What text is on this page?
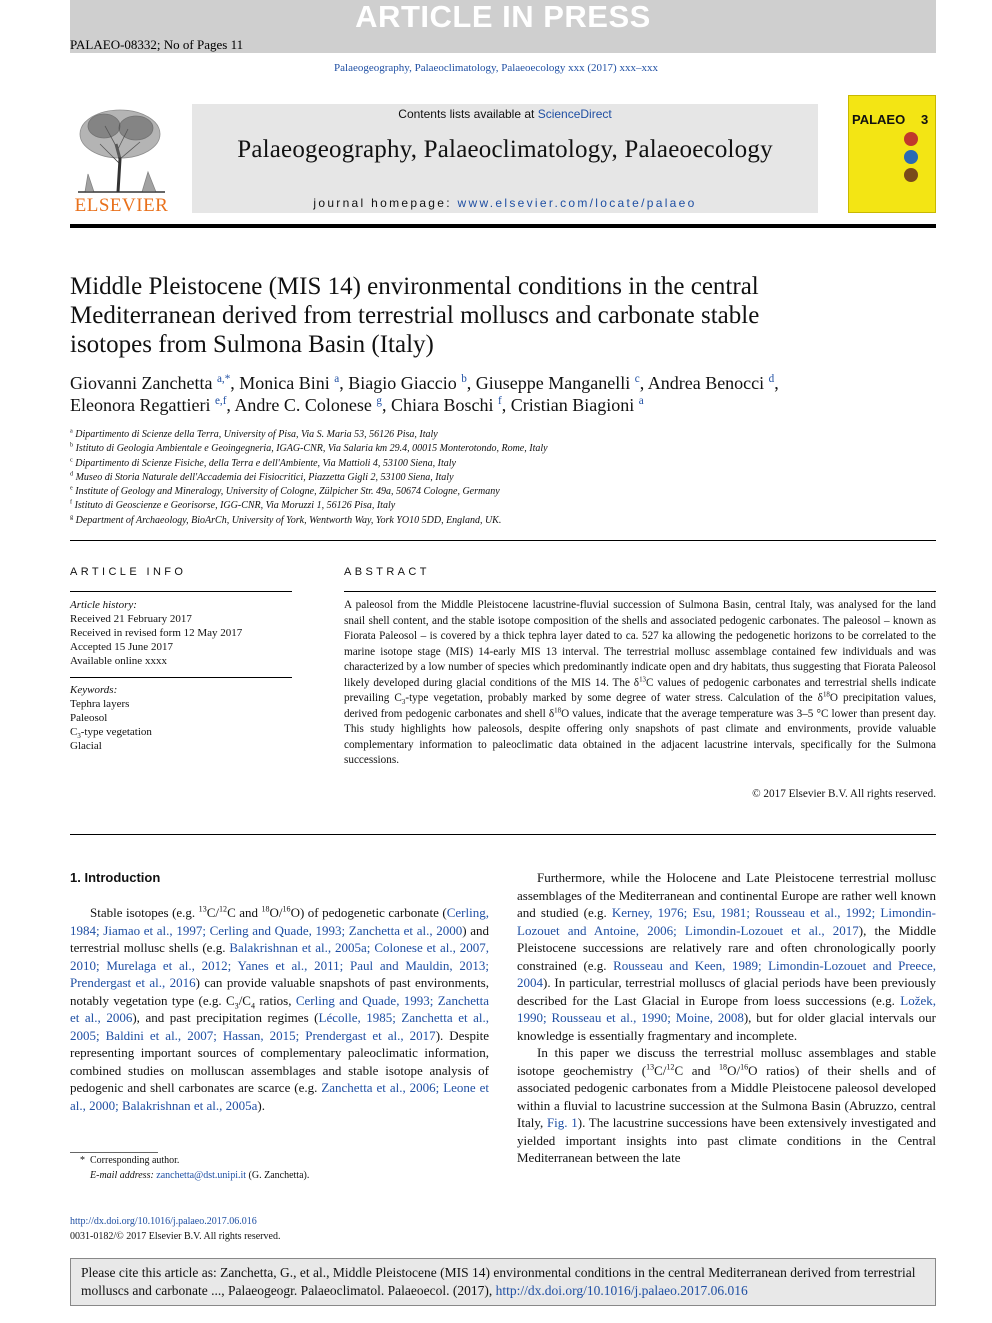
ARTICLE IN PRESS
PALAEO-08332; No of Pages 11
Palaeogeography, Palaeoclimatology, Palaeoecology xxx (2017) xxx–xxx
ELSEVIER
Contents lists available at ScienceDirect
Palaeogeography, Palaeoclimatology, Palaeoecology
journal homepage: www.elsevier.com/locate/palaeo
PALAEO 3
Middle Pleistocene (MIS 14) environmental conditions in the central Mediterranean derived from terrestrial molluscs and carbonate stable isotopes from Sulmona Basin (Italy)
Giovanni Zanchetta $^{a,*}$, Monica Bini $^a$, Biagio Giaccio $^b$, Giuseppe Manganelli $^c$, Andrea Benocci $^d$,
Eleonora Regattieri $^{e,f}$, Andre C. Colonese $^g$, Chiara Boschi $^f$, Cristian Biagioni $^a$
$^a$ Dipartimento di Scienze della Terra, University of Pisa, Via S. Maria 53, 56126 Pisa, Italy
$^b$ Istituto di Geologia Ambientale e Geoingegneria, IGAG-CNR, Via Salaria km 29.4, 00015 Monterotondo, Rome, Italy
$^c$ Dipartimento di Scienze Fisiche, della Terra e dell'Ambiente, Via Mattioli 4, 53100 Siena, Italy
$^d$ Museo di Storia Naturale dell'Accademia dei Fisiocritici, Piazzetta Gigli 2, 53100 Siena, Italy
$^e$ Institute of Geology and Mineralogy, University of Cologne, Zülpicher Str. 49a, 50674 Cologne, Germany
$^f$ Istituto di Geoscienze e Georisorse, IGG-CNR, Via Moruzzi 1, 56126 Pisa, Italy
$^g$ Department of Archaeology, BioArCh, University of York, Wentworth Way, York YO10 5DD, England, UK.
ARTICLE INFO
Article history:
Received 21 February 2017
Received in revised form 12 May 2017
Accepted 15 June 2017
Available online xxxx
Keywords:
Tephra layers
Paleosol
$C_3$-type vegetation
Glacial
ABSTRACT
A paleosol from the Middle Pleistocene lacustrine-fluvial succession of Sulmona Basin, central Italy, was analysed for the land snail shell content, and the stable isotope composition of the shells and associated pedogenic carbonates. The paleosol – known as Fiorata Paleosol – is covered by a thick tephra layer dated to ca. 527 ka allowing the pedogenetic horizons to be correlated to the marine isotope stage (MIS) 14-early MIS 13 interval. The terrestrial mollusc assemblage contained few individuals and was characterized by a low number of species which predominantly indicate open and dry habitats, thus suggesting that Fiorata Paleosol likely developed during glacial conditions of the MIS 14. The $\delta^{13}C$ values of pedogenic carbonates and terrestrial shells indicate prevailing $C_3$-type vegetation, probably marked by some degree of water stress. Calculation of the $\delta^{18}O$ precipitation values, derived from pedogenic carbonates and shell $\delta^{18}O$ values, indicate that the average temperature was 3–5 °C lower than present day. This study highlights how paleosols, despite offering only snapshots of past climate and environments, provide valuable complementary information to paleoclimatic data obtained in the adjacent lacustrine intervals, specifically for the Sulmona successions.
© 2017 Elsevier B.V. All rights reserved.
1. Introduction

Stable isotopes (e.g. $^{13}$C/$^{12}$C and $^{18}$O/$^{16}$O) of pedogenetic carbonate (Cerling, 1984; Jiamao et al., 1997; Cerling and Quade, 1993; Zanchetta et al., 2000) and terrestrial mollusc shells (e.g. Balakrishnan et al., 2005a; Colonese et al., 2007, 2010; Murelaga et al., 2012; Yanes et al., 2011; Paul and Mauldin, 2013; Prendergast et al., 2016) can provide valuable snapshots of past environments, notably vegetation type (e.g. $C_3/C_4$ ratios, Cerling and Quade, 1993; Zanchetta et al., 2006), and past precipitation regimes (Lécolle, 1985; Zanchetta et al., 2005; Baldini et al., 2007; Hassan, 2015; Prendergast et al., 2017). Despite representing important sources of complementary paleoclimatic information, combined studies on molluscan assemblages and stable isotope analysis of pedogenic and shell carbonates are scarce (e.g. Zanchetta et al., 2006; Leone et al., 2000; Balakrishnan et al., 2005a).

* Corresponding author.
E-mail address: zanchetta@dst.unipi.it (G. Zanchetta).
http://dx.doi.org/10.1016/j.palaeo.2017.06.016
0031-0182/© 2017 Elsevier B.V. All rights reserved.

Furthermore, while the Holocene and Late Pleistocene terrestrial mollusc assemblages of the Mediterranean and continental Europe are rather well known and studied (e.g. Kerney, 1976; Esu, 1981; Rousseau et al., 1992; Limondin-Lozouet and Antoine, 2006; Limondin-Lozouet et al., 2017), the Middle Pleistocene successions are relatively rare and often chronologically poorly constrained (e.g. Rousseau and Keen, 1989; Limondin-Lozouet and Preece, 2004). In particular, terrestrial molluscs of glacial periods have been previously described for the Last Glacial in Europe from loess successions (e.g. Ložek, 1990; Rousseau et al., 1990; Moine, 2008), but for older glacial intervals our knowledge is essentially fragmentary and incomplete.

In this paper we discuss the terrestrial mollusc assemblages and stable isotope geochemistry ($^{13}$C/$^{12}$C and $^{18}$O/$^{16}$O ratios) of their shells and of associated pedogenic carbonates from a Middle Pleistocene paleosol developed within a fluvial to lacustrine succession at the Sulmona Basin (Abruzzo, central Italy, Fig. 1). The lacustrine successions have been extensively investigated and yielded important insights into past climate conditions in the Central Mediterranean between the late

Please cite this article as: Zanchetta, G., et al., Middle Pleistocene (MIS 14) environmental conditions in the central Mediterranean derived from terrestrial molluscs and carbonate ..., Palaeogeogr. Palaeoclimatol. Palaeoecol. (2017), http://dx.doi.org/10.1016/j.palaeo.2017.06.016
